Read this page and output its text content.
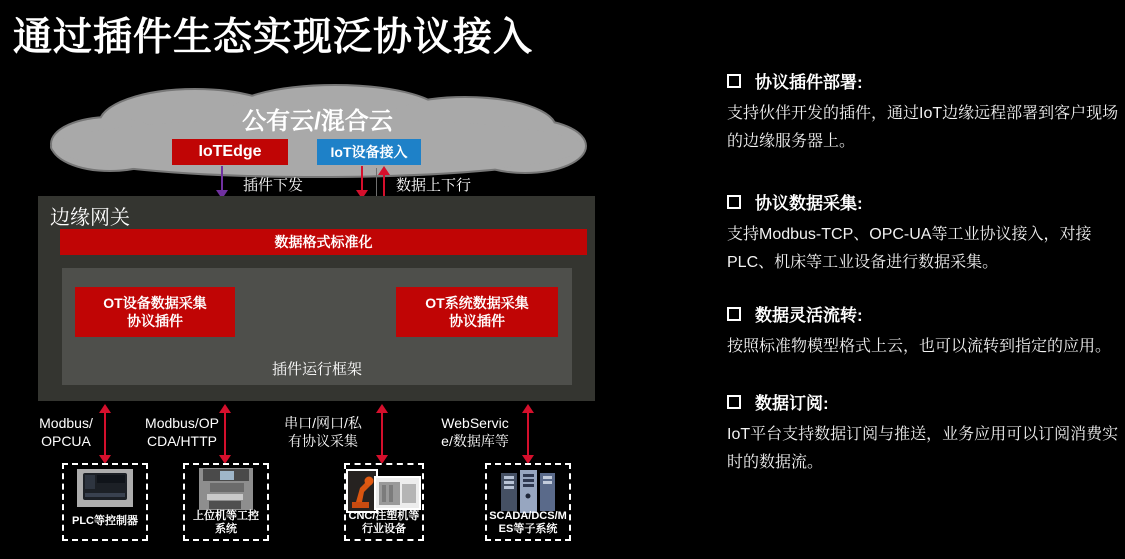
通过插件生态实现泛协议接入
公有云/混合云
IoTEdge	IoT设备接入
插件下发	数据上下行
边缘网关
数据格式标准化
OT设备数据采集
协议插件
OT系统数据采集
协议插件
插件运行框架
Modbus/
OPCUA
Modbus/OP
CDA/HTTP
串口/网口/私
有协议采集
WebServic
e/数据库等
PLC等控制器	上位机等工控
系统
CNC/注塑机等
行业设备
SCADA/DCS/M
ES等子系统
协议插件部署:
支持伙伴开发的插件，通过IoT边缘远程部署到客户现场的边缘服务器上。
协议数据采集:
支持Modbus-TCP、OPC-UA等工业协议接入，对接PLC、机床等工业设备进行数据采集。
数据灵活流转:
按照标准物模型格式上云，也可以流转到指定的应用。
数据订阅:
IoT平台支持数据订阅与推送，业务应用可以订阅消费实时的数据流。
